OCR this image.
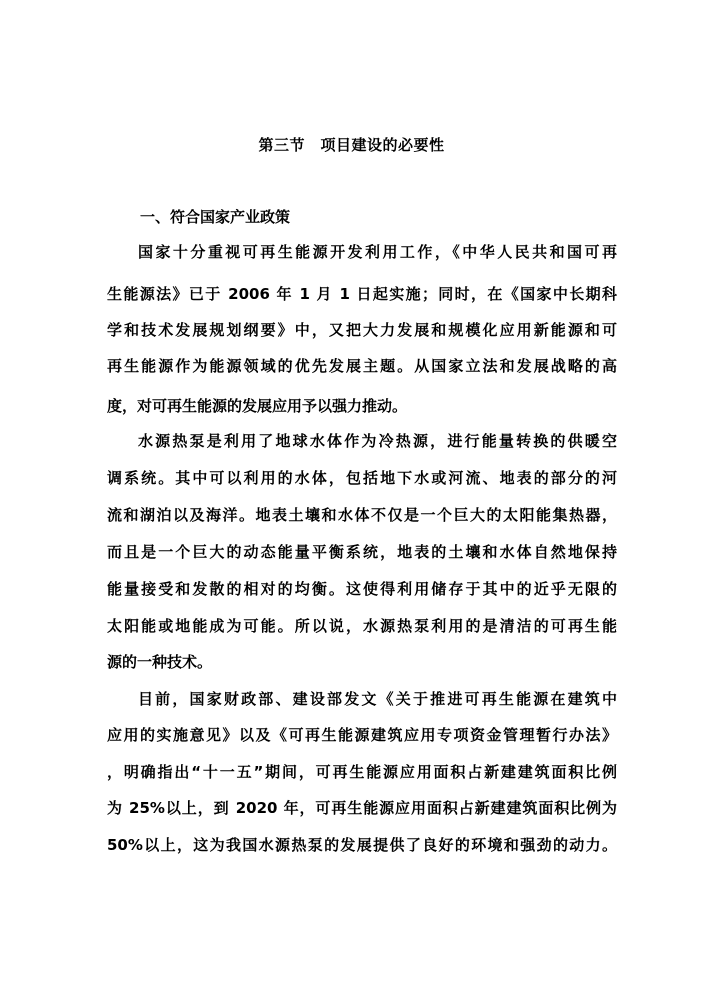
第三节　项目建设的必要性
一、符合国家产业政策
国家十分重视可再生能源开发利用工作，《中华人民共和国可再
生能源法》已于 2006 年 1 月 1 日起实施；同时，在《国家中长期科
学和技术发展规划纲要》中，又把大力发展和规模化应用新能源和可
再生能源作为能源领域的优先发展主题。从国家立法和发展战略的高
度，对可再生能源的发展应用予以强力推动。
水源热泵是利用了地球水体作为冷热源，进行能量转换的供暖空
调系统。其中可以利用的水体，包括地下水或河流、地表的部分的河
流和湖泊以及海洋。地表土壤和水体不仅是一个巨大的太阳能集热器，
而且是一个巨大的动态能量平衡系统，地表的土壤和水体自然地保持
能量接受和发散的相对的均衡。这使得利用储存于其中的近乎无限的
太阳能或地能成为可能。所以说，水源热泵利用的是清洁的可再生能
源的一种技术。
目前，国家财政部、建设部发文《关于推进可再生能源在建筑中
应用的实施意见》以及《可再生能源建筑应用专项资金管理暂行办法》
，明确指出“十一五”期间，可再生能源应用面积占新建建筑面积比例
为 25%以上，到 2020 年，可再生能源应用面积占新建建筑面积比例为
50%以上，这为我国水源热泵的发展提供了良好的环境和强劲的动力。
